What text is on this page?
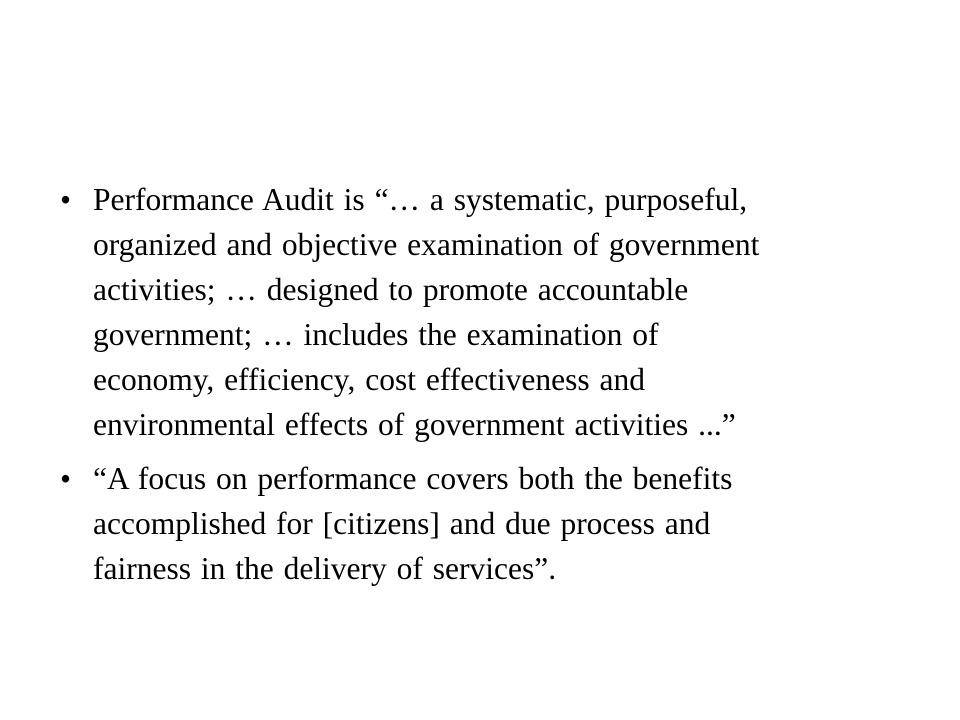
• Performance Audit is “… a systematic, purposeful,
organized and objective examination of government
activities; … designed to promote accountable
government; … includes the examination of
economy, efficiency, cost effectiveness and
environmental effects of government activities ...”
• “A focus on performance covers both the benefits
accomplished for [citizens] and due process and
fairness in the delivery of services”.
